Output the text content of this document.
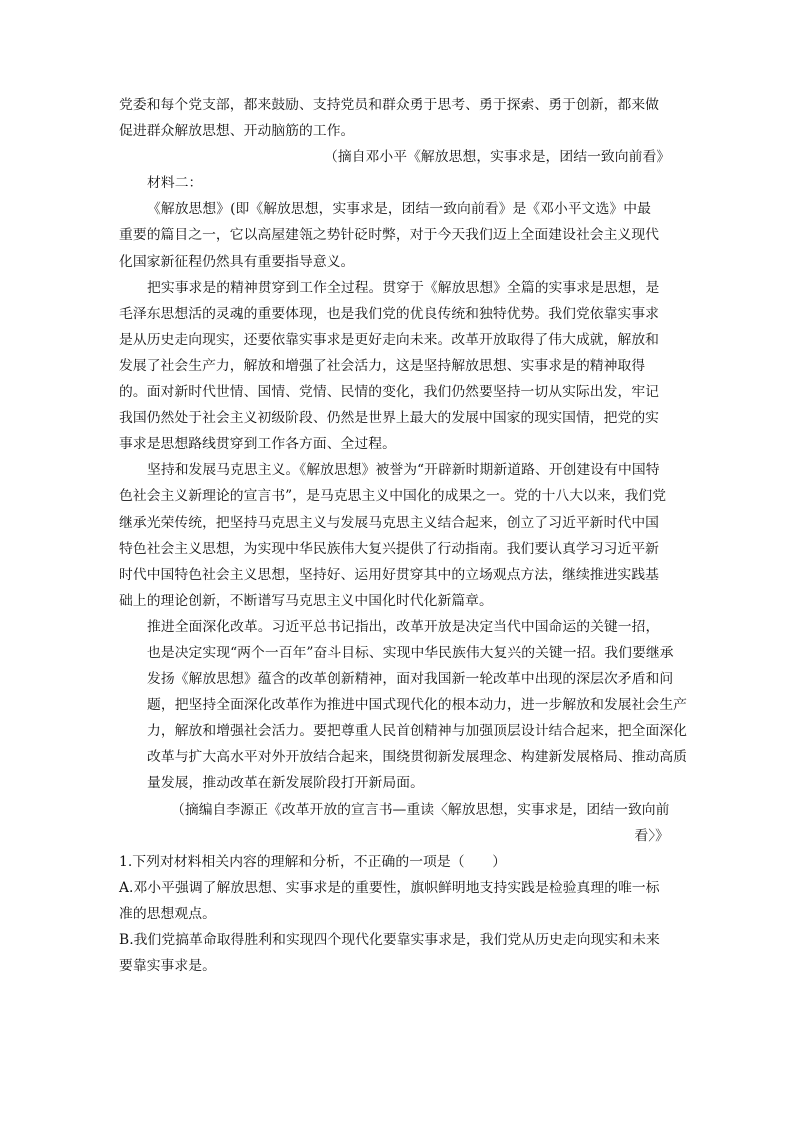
党委和每个党支部，都来鼓励、支持党员和群众勇于思考、勇于探索、勇于创新，都来做
促进群众解放思想、开动脑筋的工作。
（摘自邓小平《解放思想，实事求是，团结一致向前看》
材料二：
《解放思想》(即《解放思想，实事求是，团结一致向前看》是《邓小平文选》中最
重要的篇目之一，它以高屋建瓴之势针砭时弊，对于今天我们迈上全面建设社会主义现代
化国家新征程仍然具有重要指导意义。
把实事求是的精神贯穿到工作全过程。贯穿于《解放思想》全篇的实事求是思想，是
毛泽东思想活的灵魂的重要体现，也是我们党的优良传统和独特优势。我们党依靠实事求
是从历史走向现实，还要依靠实事求是更好走向未来。改革开放取得了伟大成就，解放和
发展了社会生产力，解放和增强了社会活力，这是坚持解放思想、实事求是的精神取得
的。面对新时代世情、国情、党情、民情的变化，我们仍然要坚持一切从实际出发，牢记
我国仍然处于社会主义初级阶段、仍然是世界上最大的发展中国家的现实国情，把党的实
事求是思想路线贯穿到工作各方面、全过程。
坚持和发展马克思主义。《解放思想》被誉为“开辟新时期新道路、开创建设有中国特
色社会主义新理论的宣言书”，是马克思主义中国化的成果之一。党的十八大以来，我们党
继承光荣传统，把坚持马克思主义与发展马克思主义结合起来，创立了习近平新时代中国
特色社会主义思想，为实现中华民族伟大复兴提供了行动指南。我们要认真学习习近平新
时代中国特色社会主义思想，坚持好、运用好贯穿其中的立场观点方法，继续推进实践基
础上的理论创新，不断谱写马克思主义中国化时代化新篇章。
推进全面深化改革。习近平总书记指出，改革开放是决定当代中国命运的关键一招，
也是决定实现“两个一百年”奋斗目标、实现中华民族伟大复兴的关键一招。我们要继承
发扬《解放思想》蕴含的改革创新精神，面对我国新一轮改革中出现的深层次矛盾和问
题，把坚持全面深化改革作为推进中国式现代化的根本动力，进一步解放和发展社会生产
力，解放和增强社会活力。要把尊重人民首创精神与加强顶层设计结合起来，把全面深化
改革与扩大高水平对外开放结合起来，围绕贯彻新发展理念、构建新发展格局、推动高质
量发展，推动改革在新发展阶段打开新局面。
（摘编自李源正《改革开放的宣言书—重读〈解放思想，实事求是，团结一致向前
看〉》
1.下列对材料相关内容的理解和分析，不正确的一项是（　　）
A.邓小平强调了解放思想、实事求是的重要性，旗帜鲜明地支持实践是检验真理的唯一标
准的思想观点。
B.我们党搞革命取得胜利和实现四个现代化要靠实事求是，我们党从历史走向现实和未来
要靠实事求是。
